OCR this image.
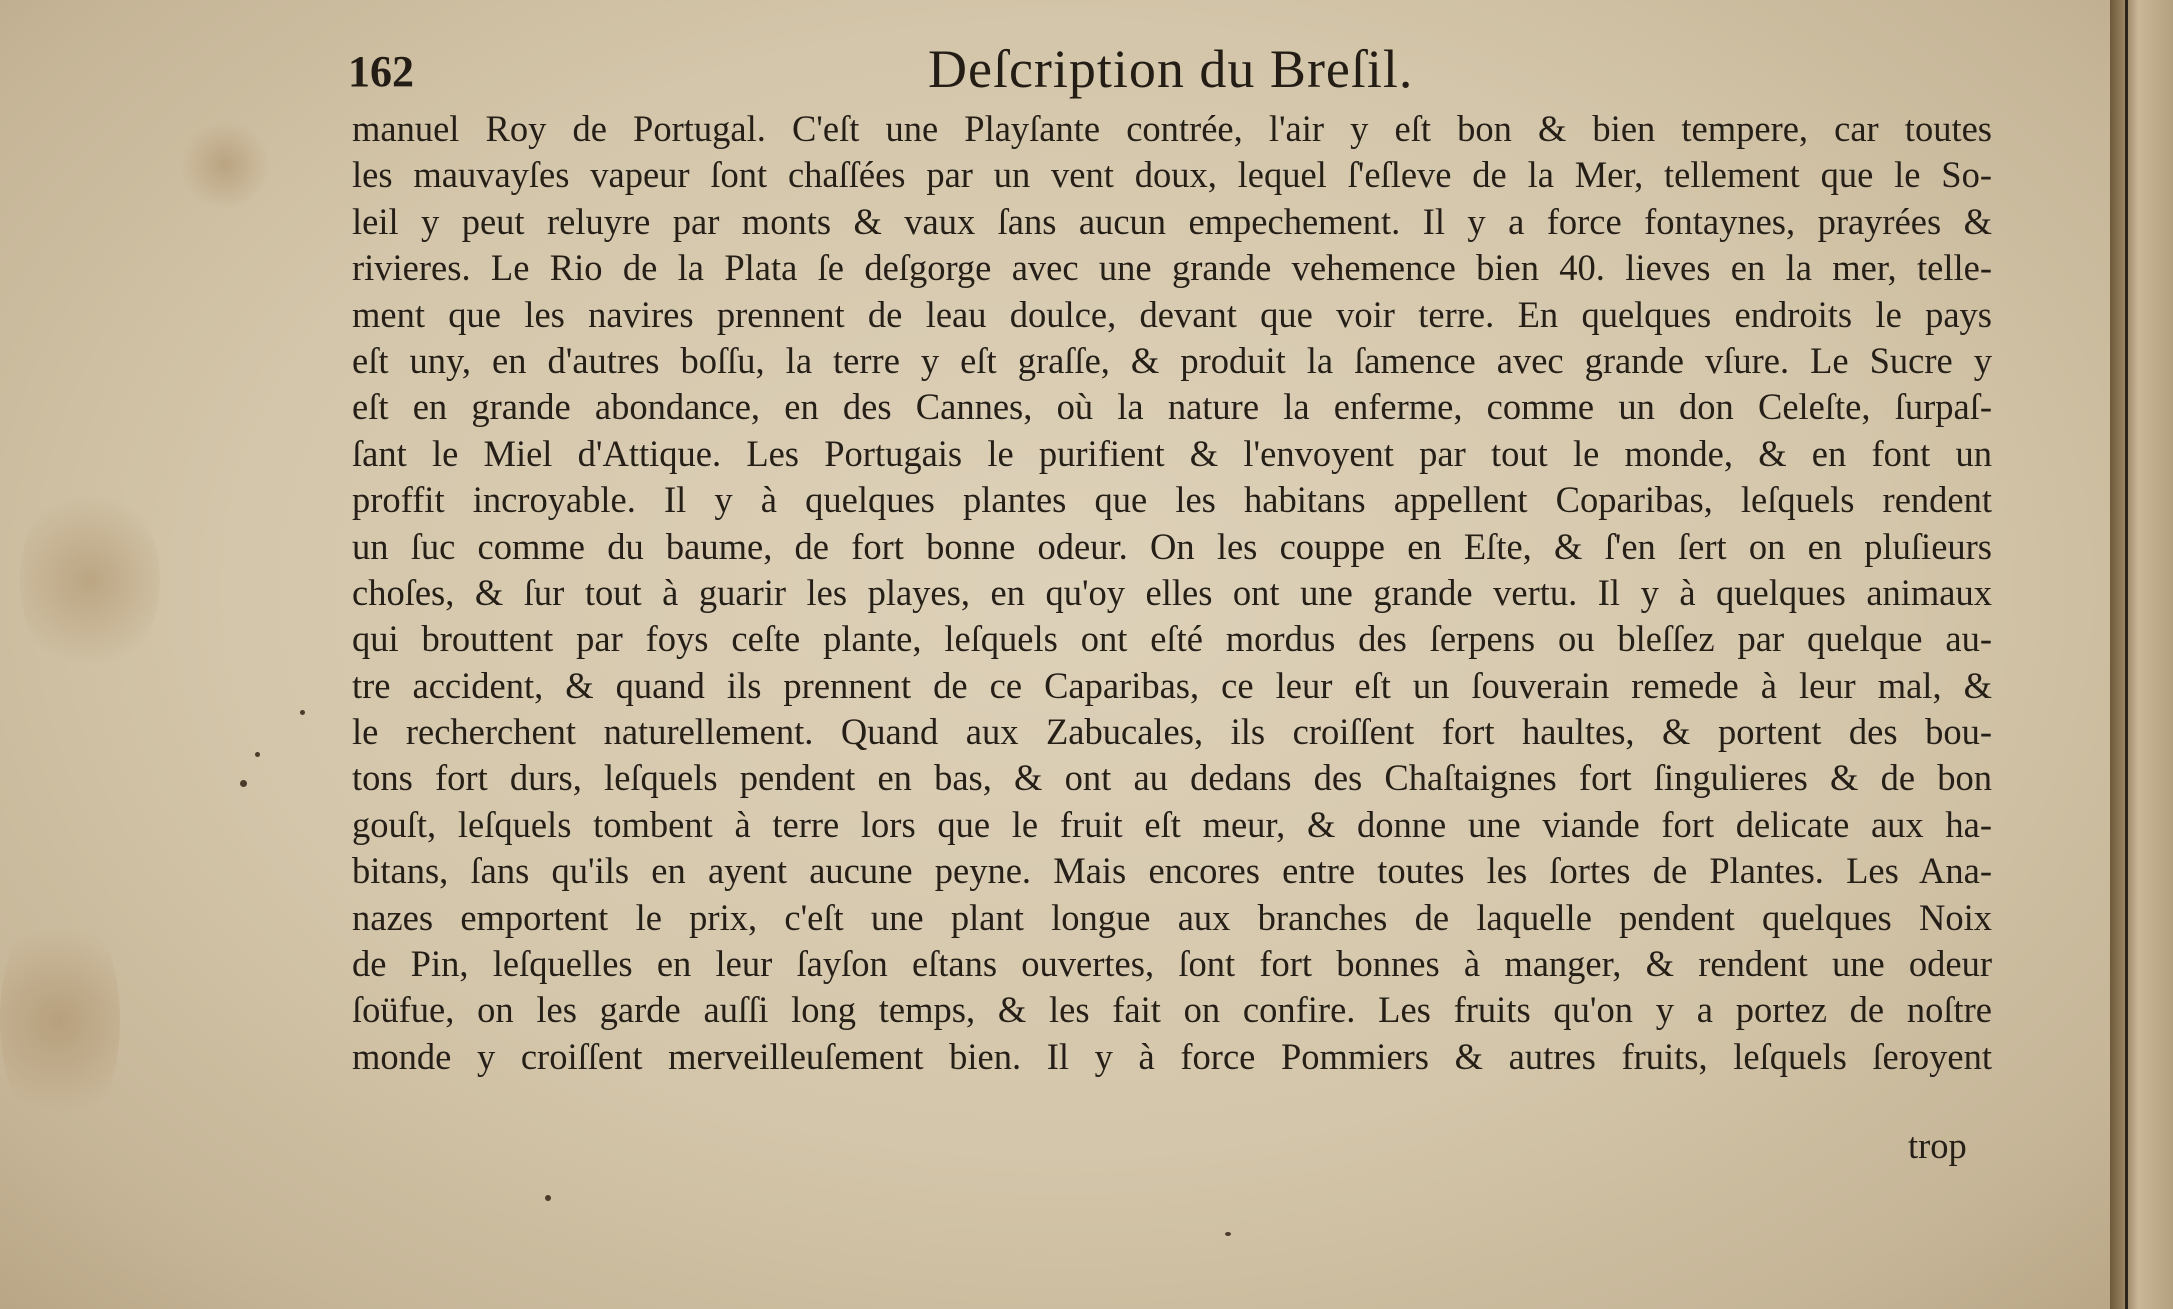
162	Deſcription du Breſil.
manuel Roy de Portugal. C'eſt une Playſante contrée, l'air y eſt bon & bien tempere, car toutes
les mauvayſes vapeur ſont chaſſées par un vent doux, lequel ſ'eſleve de la Mer, tellement que le So-
leil y peut reluyre par monts & vaux ſans aucun empechement. Il y a force fontaynes, prayrées &
rivieres. Le Rio de la Plata ſe deſgorge avec une grande vehemence bien 40. lieves en la mer, telle-
ment que les navires prennent de leau doulce, devant que voir terre. En quelques endroits le pays
eſt uny, en d'autres boſſu, la terre y eſt graſſe, & produit la ſamence avec grande vſure. Le Sucre y
eſt en grande abondance, en des Cannes, où la nature la enferme, comme un don Celeſte, ſurpaſ-
ſant le Miel d'Attique. Les Portugais le purifient & l'envoyent par tout le monde, & en font un
proffit incroyable. Il y à quelques plantes que les habitans appellent Coparibas, leſquels rendent
un ſuc comme du baume, de fort bonne odeur. On les couppe en Eſte, & ſ'en ſert on en pluſieurs
choſes, & ſur tout à guarir les playes, en qu'oy elles ont une grande vertu. Il y à quelques animaux
qui brouttent par foys ceſte plante, leſquels ont eſté mordus des ſerpens ou bleſſez par quelque au-
tre accident, & quand ils prennent de ce Caparibas, ce leur eſt un ſouverain remede à leur mal, &
le recherchent naturellement. Quand aux Zabucales, ils croiſſent fort haultes, & portent des bou-
tons fort durs, leſquels pendent en bas, & ont au dedans des Chaſtaignes fort ſingulieres & de bon
gouſt, leſquels tombent à terre lors que le fruit eſt meur, & donne une viande fort delicate aux ha-
bitans, ſans qu'ils en ayent aucune peyne. Mais encores entre toutes les ſortes de Plantes. Les Ana-
nazes emportent le prix, c'eſt une plant longue aux branches de laquelle pendent quelques Noix
de Pin, leſquelles en leur ſayſon eſtans ouvertes, ſont fort bonnes à manger, & rendent une odeur
ſoüfue, on les garde auſſi long temps, & les fait on confire. Les fruits qu'on y a portez de noſtre
monde y croiſſent merveilleuſement bien. Il y à force Pommiers & autres fruits, leſquels ſeroyent
trop
